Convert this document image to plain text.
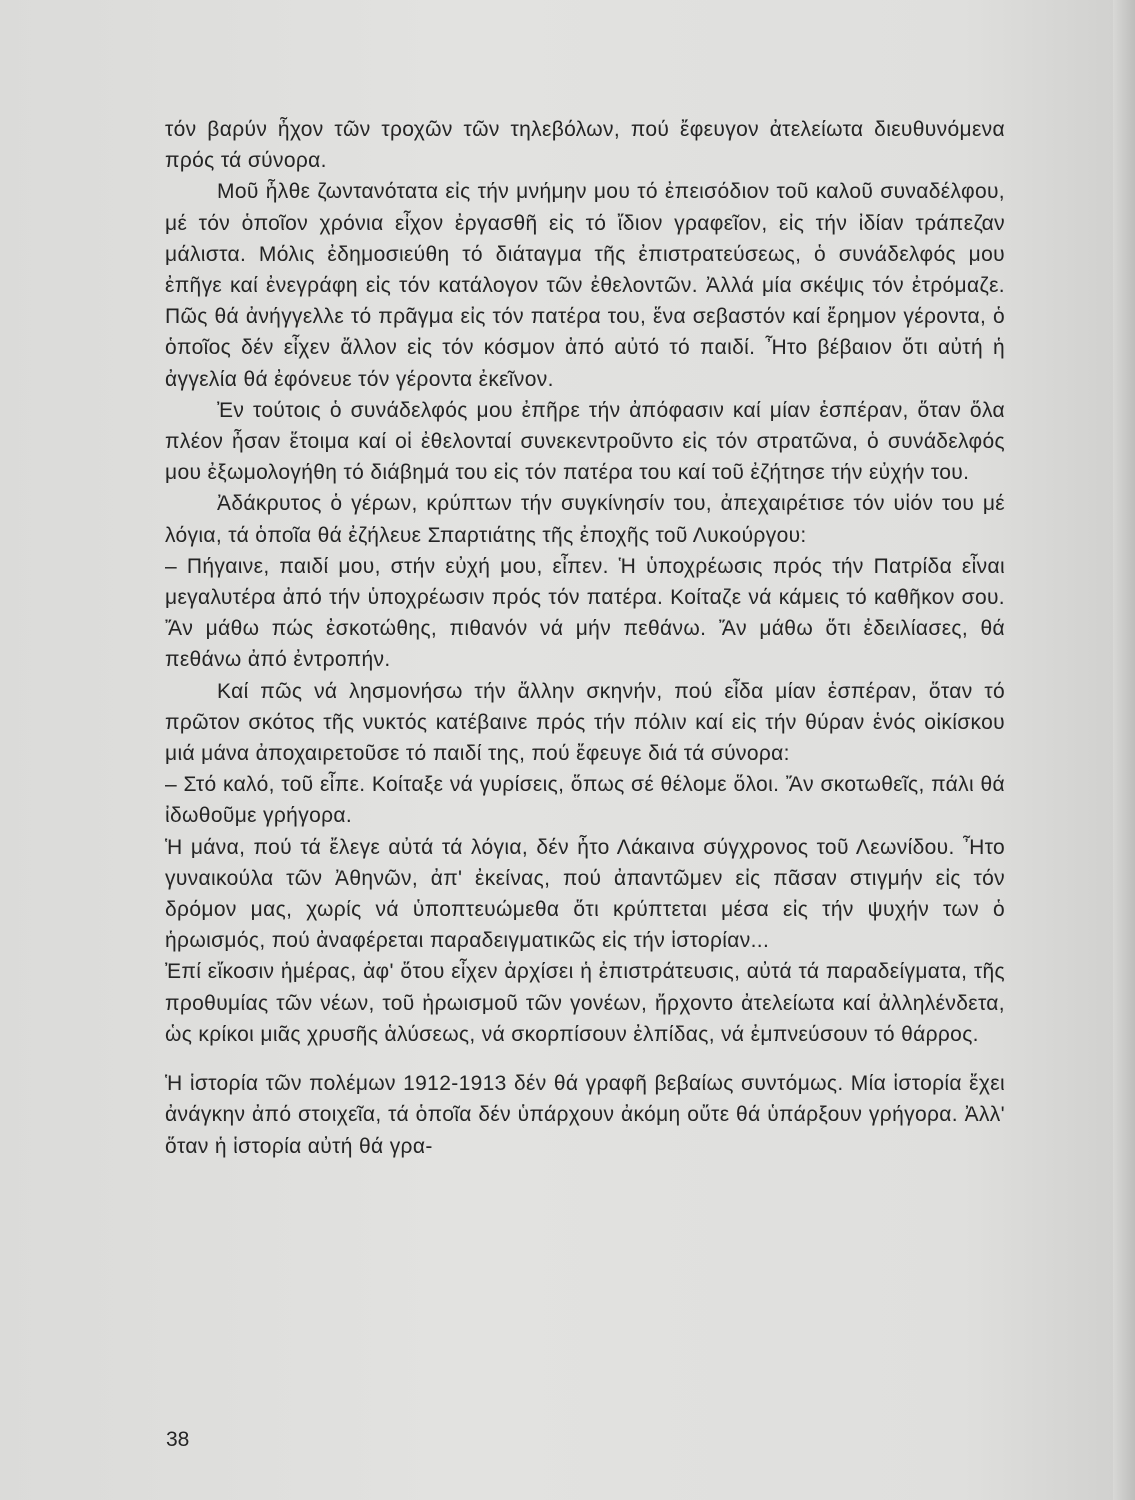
τόν βαρύν ἦχον τῶν τροχῶν τῶν τηλεβόλων, πού ἔφευγον ἀτελείωτα διευθυνόμενα πρός τά σύνορα.

Μοῦ ἦλθε ζωντανότατα εἰς τήν μνήμην μου τό ἐπεισόδιον τοῦ καλοῦ συναδέλφου, μέ τόν ὁποῖον χρόνια εἶχον ἐργασθῆ εἰς τό ἴδιον γραφεῖον, εἰς τήν ἰδίαν τράπεζαν μάλιστα. Μόλις ἐδημοσιεύθη τό διάταγμα τῆς ἐπιστρατεύσεως, ὁ συνάδελφός μου ἐπῆγε καί ἐνεγράφη εἰς τόν κατάλογον τῶν ἐθελοντῶν. Ἀλλά μία σκέψις τόν ἐτρόμαζε. Πῶς θά ἀνήγγελλε τό πρᾶγμα εἰς τόν πατέρα του, ἕνα σεβαστόν καί ἔρημον γέροντα, ὁ ὁποῖος δέν εἶχεν ἄλλον εἰς τόν κόσμον ἀπό αὐτό τό παιδί. Ἦτο βέβαιον ὅτι αὐτή ἡ ἀγγελία θά ἐφόνευε τόν γέροντα ἐκεῖνον.

Ἐν τούτοις ὁ συνάδελφός μου ἐπῆρε τήν ἀπόφασιν καί μίαν ἑσπέραν, ὅταν ὅλα πλέον ἦσαν ἕτοιμα καί οἱ ἐθελονταί συνεκεντροῦντο εἰς τόν στρατῶνα, ὁ συνάδελφός μου ἐξωμολογήθη τό διάβημά του εἰς τόν πατέρα του καί τοῦ ἐζήτησε τήν εὐχήν του.

Ἀδάκρυτος ὁ γέρων, κρύπτων τήν συγκίνησίν του, ἀπεχαιρέτισε τόν υἱόν του μέ λόγια, τά ὁποῖα θά ἐζήλευε Σπαρτιάτης τῆς ἐποχῆς τοῦ Λυκούργου:

– Πήγαινε, παιδί μου, στήν εὐχή μου, εἶπεν. Ἡ ὑποχρέωσις πρός τήν Πατρίδα εἶναι μεγαλυτέρα ἀπό τήν ὑποχρέωσιν πρός τόν πατέρα. Κοίταζε νά κάμεις τό καθῆκον σου. Ἄν μάθω πώς ἐσκοτώθης, πιθανόν νά μήν πεθάνω. Ἄν μάθω ὅτι ἐδειλίασες, θά πεθάνω ἀπό ἐντροπήν.

Καί πῶς νά λησμονήσω τήν ἄλλην σκηνήν, πού εἶδα μίαν ἑσπέραν, ὅταν τό πρῶτον σκότος τῆς νυκτός κατέβαινε πρός τήν πόλιν καί εἰς τήν θύραν ἑνός οἰκίσκου μιά μάνα ἀποχαιρετοῦσε τό παιδί της, πού ἔφευγε διά τά σύνορα:

– Στό καλό, τοῦ εἶπε. Κοίταξε νά γυρίσεις, ὅπως σέ θέλομε ὅλοι. Ἄν σκοτωθεῖς, πάλι θά ἰδωθοῦμε γρήγορα.

Ἡ μάνα, πού τά ἔλεγε αὐτά τά λόγια, δέν ἦτο Λάκαινα σύγχρονος τοῦ Λεωνίδου. Ἦτο γυναικούλα τῶν Ἀθηνῶν, ἀπ' ἐκείνας, πού ἀπαντῶμεν εἰς πᾶσαν στιγμήν εἰς τόν δρόμον μας, χωρίς νά ὑποπτευώμεθα ὅτι κρύπτεται μέσα εἰς τήν ψυχήν των ὁ ἡρωισμός, πού ἀναφέρεται παραδειγματικῶς εἰς τήν ἱστορίαν...

Ἐπί εἴκοσιν ἡμέρας, ἀφ' ὅτου εἶχεν ἀρχίσει ἡ ἐπιστράτευσις, αὐτά τά παραδείγματα, τῆς προθυμίας τῶν νέων, τοῦ ἡρωισμοῦ τῶν γονέων, ἤρχοντο ἀτελείωτα καί ἀλληλένδετα, ὡς κρίκοι μιᾶς χρυσῆς ἁλύσεως, νά σκορπίσουν ἐλπίδας, νά ἐμπνεύσουν τό θάρρος.

Ἡ ἱστορία τῶν πολέμων 1912-1913 δέν θά γραφῆ βεβαίως συντόμως. Μία ἱστορία ἔχει ἀνάγκην ἀπό στοιχεῖα, τά ὁποῖα δέν ὑπάρχουν ἀκόμη οὔτε θά ὑπάρξουν γρήγορα. Ἀλλ' ὅταν ἡ ἱστορία αὐτή θά γρα-

38
